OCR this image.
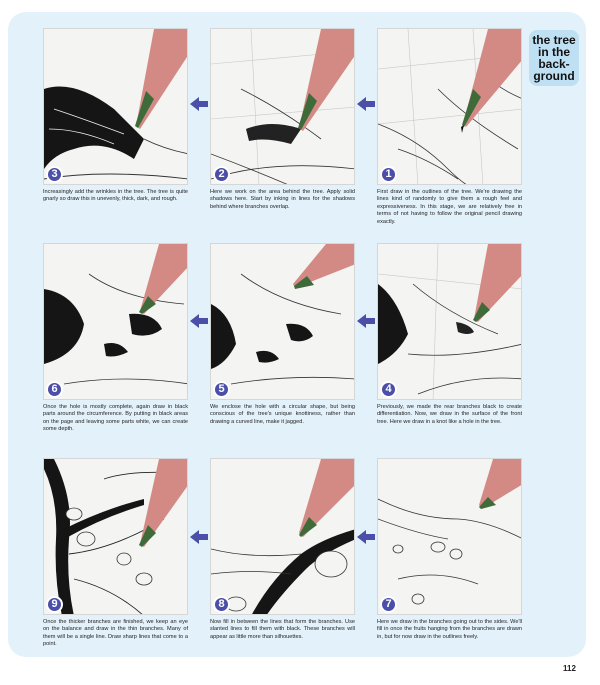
the tree
in the
back-
ground
1
First draw in the outlines of the tree. We're drawing the lines kind of randomly to give them a rough feel and expressiveness. In this stage, we are relatively free in terms of not having to follow the original pencil drawing exactly.
2
Here we work on the area behind the tree. Apply solid shadows here. Start by inking in lines for the shadows behind where branches overlap.
3
Increasingly add the wrinkles in the tree. The tree is quite gnarly so draw this in unevenly, thick, dark, and rough.
4
Previously, we made the rear branches black to create differentiation. Now, we draw in the surface of the front tree. Here we draw in a knot like a hole in the tree.
5
We enclose the hole with a circular shape, but being conscious of the tree's unique knottiness, rather than drawing a curved line, make it jagged.
6
Once the hole is mostly complete, again draw in black parts around the circumference. By putting in black areas on the page and leaving some parts white, we can create some depth.
7
Here we draw in the branches going out to the sides. We'll fill in once the fruits hanging from the branches are drawn in, but for now draw in the outlines freely.
8
Now fill in between the lines that form the branches. Use slanted lines to fill them with black. These branches will appear as little more than silhouettes.
9
Once the thicker branches are finished, we keep an eye on the balance and draw in the thin branches. Many of them will be a single line. Draw sharp lines that come to a point.
112
